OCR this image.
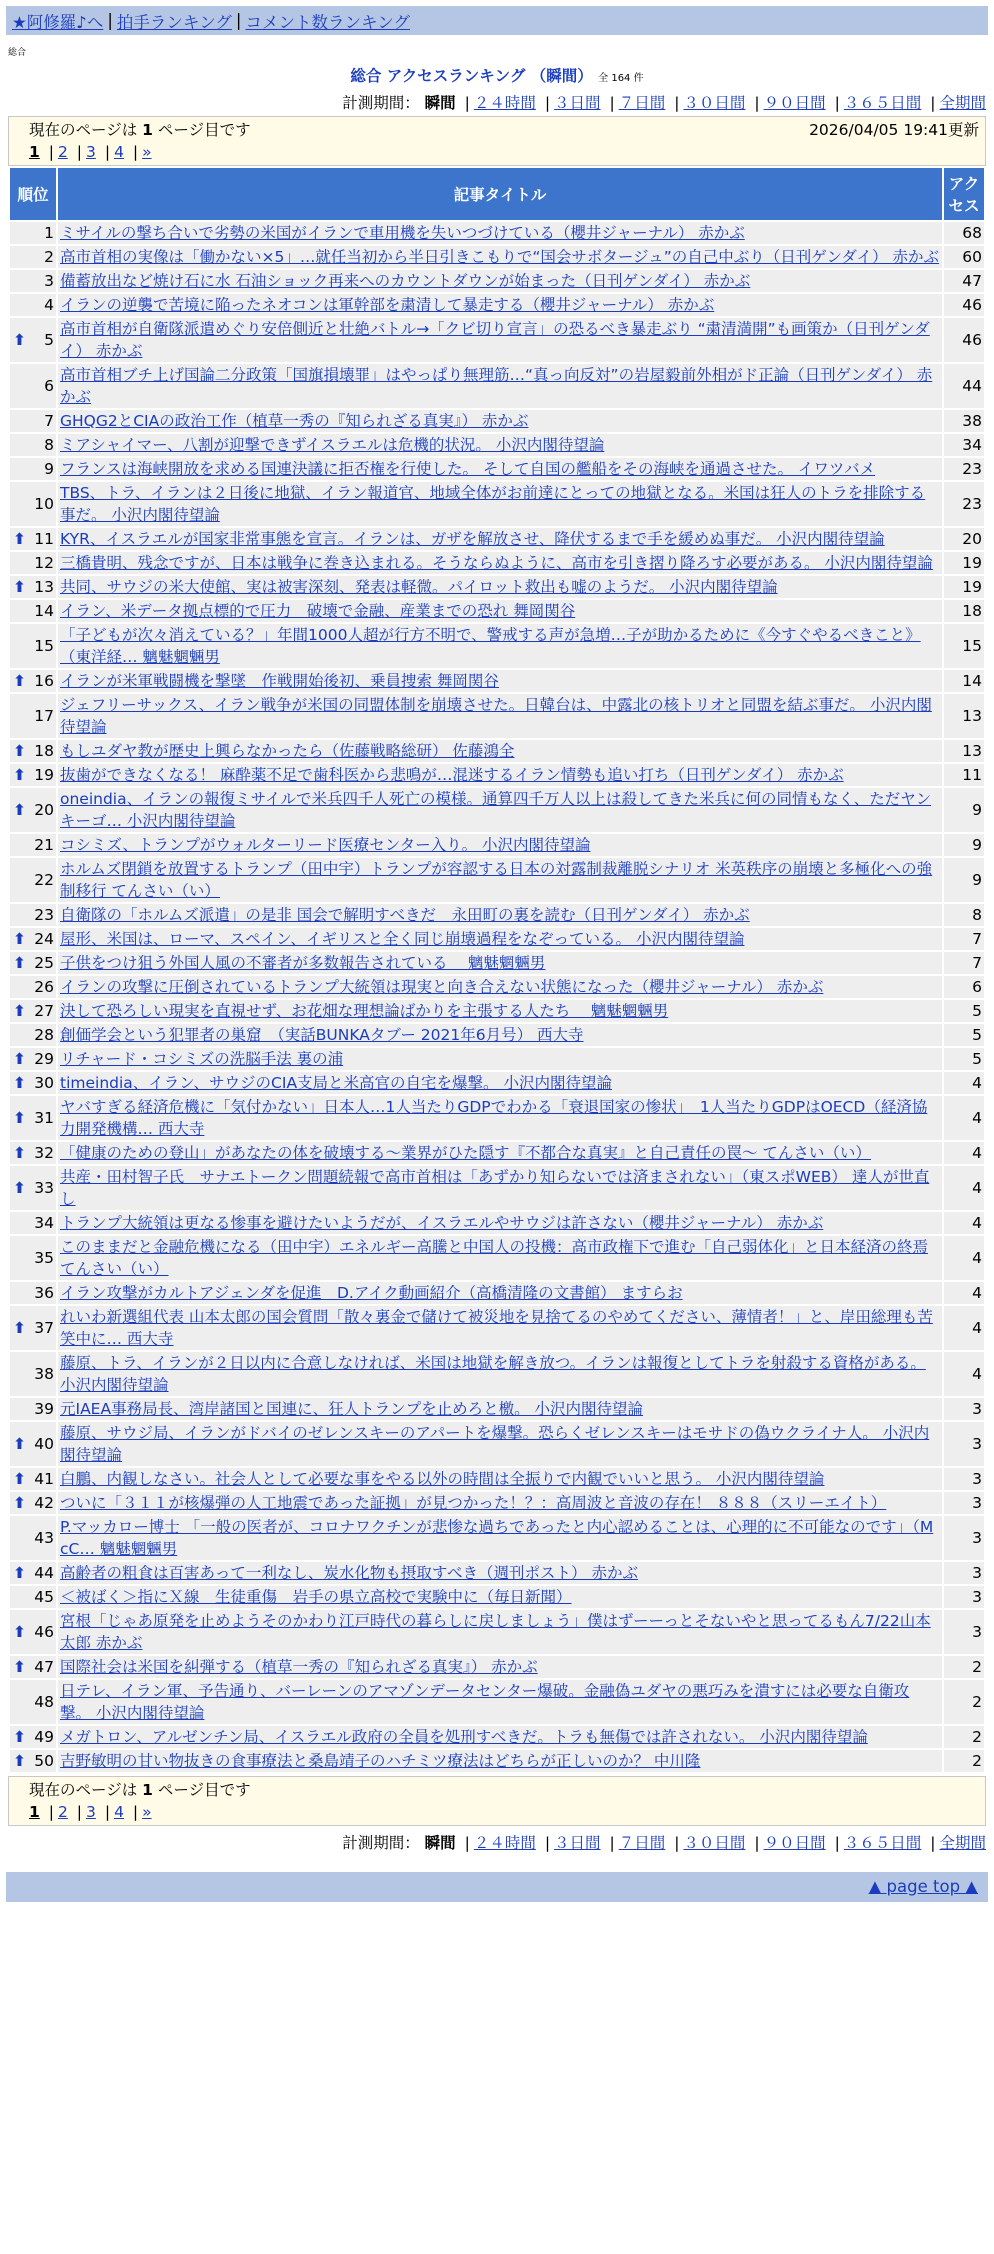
★阿修羅♪へ | 拍手ランキング | コメント数ランキング
総合
総合 アクセスランキング （瞬間） 全 164 件
計測期間： 瞬間 | ２４時間 | ３日間 | ７日間 | ３０日間 | ９０日間 | ３６５日間 | 全期間
現在のページは 1 ページ目です	2026/04/05 19:41更新
1 | 2 | 3 | 4 | »
順位	記事タイトル	アクセス

1	ミサイルの撃ち合いで劣勢の米国がイランで車用機を失いつづけている（櫻井ジャーナル） 赤かぶ	68

2	高市首相の実像は「働かない×5」…就任当初から半日引きこもりで“国会サボタージュ”の自己中ぶり（日刊ゲンダイ） 赤かぶ	60

3	備蓄放出など焼け石に水 石油ショック再来へのカウントダウンが始まった（日刊ゲンダイ） 赤かぶ	47

4	イランの逆襲で苦境に陥ったネオコンは軍幹部を粛清して暴走する（櫻井ジャーナル） 赤かぶ	46

⬆ 5	高市首相が自衛隊派遣めぐり安倍側近と壮絶バトル→「クビ切り宣言」の恐るべき暴走ぶり “粛清満開”も画策か（日刊ゲンダイ） 赤かぶ	46

6	高市首相ブチ上げ国論二分政策「国旗損壊罪」はやっぱり無理筋…“真っ向反対”の岩屋毅前外相がド正論（日刊ゲンダイ） 赤かぶ	44

7	GHQG2とCIAの政治工作（植草一秀の『知られざる真実』） 赤かぶ	38

8	ミアシャイマー、八割が迎撃できずイスラエルは危機的状況。 小沢内閣待望論	34

9	フランスは海峡開放を求める国連決議に拒否権を行使した。 そして自国の艦船をその海峡を通過させた。 イワツバメ	23

10	TBS、トラ、イランは２日後に地獄、イラン報道官、地域全体がお前達にとっての地獄となる。米国は狂人のトラを排除する事だ。 小沢内閣待望論	23

⬆ 11	KYR、イスラエルが国家非常事態を宣言。イランは、ガザを解放させ、降伏するまで手を緩めぬ事だ。 小沢内閣待望論	20

12	三橋貴明、残念ですが、日本は戦争に巻き込まれる。そうならぬように、高市を引き摺り降ろす必要がある。 小沢内閣待望論	19

⬆ 13	共同、サウジの米大使館、実は被害深刻、発表は軽微。パイロット救出も嘘のようだ。 小沢内閣待望論	19

14	イラン、米データ拠点標的で圧力　破壊で金融、産業までの恐れ 舞岡関谷	18

15	「子どもが次々消えている？」年間1000人超が行方不明で、警戒する声が急増…子が助かるために《今すぐやるべきこと》（東洋経… 魑魅魍魎男	15

⬆ 16	イランが米軍戦闘機を撃墜　作戦開始後初、乗員捜索 舞岡関谷	14

17	ジェフリーサックス、イラン戦争が米国の同盟体制を崩壊させた。日韓台は、中露北の核トリオと同盟を結ぶ事だ。 小沢内閣待望論	13

⬆ 18	もしユダヤ教が歴史上興らなかったら（佐藤戦略総研） 佐藤鴻全	13

⬆ 19	抜歯ができなくなる！ 麻酔薬不足で歯科医から悲鳴が…混迷するイラン情勢も追い打ち（日刊ゲンダイ） 赤かぶ	11

⬆ 20	oneindia、イランの報復ミサイルで米兵四千人死亡の模様。通算四千万人以上は殺してきた米兵に何の同情もなく、ただヤンキーゴ… 小沢内閣待望論	9

21	コシミズ、トランプがウォルターリード医療センター入り。 小沢内閣待望論	9

22	ホルムズ閉鎖を放置するトランプ（田中宇）トランプが容認する日本の対露制裁離脱シナリオ 米英秩序の崩壊と多極化への強制移行 てんさい（い）	9

23	自衛隊の「ホルムズ派遣」の是非 国会で解明すべきだ　永田町の裏を読む（日刊ゲンダイ） 赤かぶ	8

⬆ 24	屋形、米国は、ローマ、スペイン、イギリスと全く同じ崩壊過程をなぞっている。 小沢内閣待望論	7

⬆ 25	子供をつけ狙う外国人風の不審者が多数報告されている　 魑魅魍魎男	7

26	イランの攻撃に圧倒されているトランプ大統領は現実と向き合えない状態になった（櫻井ジャーナル） 赤かぶ	6

⬆ 27	決して恐ろしい現実を直視せず、お花畑な理想論ばかりを主張する人たち　 魑魅魍魎男	5

28	創価学会という犯罪者の巣窟　（実話BUNKAタブー 2021年6月号） 西大寺	5

⬆ 29	リチャード・コシミズの洗脳手法 裏の浦	5

⬆ 30	timeindia、イラン、サウジのCIA支局と米高官の自宅を爆撃。 小沢内閣待望論	4

⬆ 31	ヤバすぎる経済危機に「気付かない」日本人…1人当たりGDPでわかる「衰退国家の惨状」　1人当たりGDPはOECD（経済協力開発機構… 西大寺	4

⬆ 32	「健康のための登山」があなたの体を破壊する～業界がひた隠す『不都合な真実』と自己責任の罠～ てんさい（い）	4

⬆ 33	共産・田村智子氏　サナエトークン問題続報で高市首相は「あずかり知らないでは済まされない」（東スポWEB） 達人が世直し	4

34	トランプ大統領は更なる惨事を避けたいようだが、イスラエルやサウジは許さない（櫻井ジャーナル） 赤かぶ	4

35	このままだと金融危機になる（田中宇）エネルギー高騰と中国人の投機：高市政権下で進む「自己弱体化」と日本経済の終焉 てんさい（い）	4

36	イラン攻撃がカルトアジェンダを促進　D.アイク動画紹介（高橋清隆の文書館） ますらお	4

⬆ 37	れいわ新選組代表 山本太郎の国会質問「散々裏金で儲けて被災地を見捨てるのやめてください、薄情者！」と、岸田総理も苦笑中に… 西大寺	4

38	藤原、トラ、イランが２日以内に合意しなければ、米国は地獄を解き放つ。イランは報復としてトラを射殺する資格がある。 小沢内閣待望論	4

39	元IAEA事務局長、湾岸諸国と国連に、狂人トランプを止めろと檄。 小沢内閣待望論	3

⬆ 40	藤原、サウジ局、イランがドバイのゼレンスキーのアパートを爆撃。恐らくゼレンスキーはモサドの偽ウクライナ人。 小沢内閣待望論	3

⬆ 41	白鵬、内観しなさい。社会人として必要な事をやる以外の時間は全振りで内観でいいと思う。 小沢内閣待望論	3

⬆ 42	ついに「３１１が核爆弾の人工地震であった証拠」が見つかった！？：高周波と音波の存在！ ８８８（スリーエイト）	3

43	P.マッカロー博士 「一般の医者が、コロナワクチンが悲惨な過ちであったと内心認めることは、心理的に不可能なのです」（McC… 魑魅魍魎男	3

⬆ 44	高齢者の粗食は百害あって一利なし、炭水化物も摂取すべき（週刊ポスト） 赤かぶ	3

45	＜被ばく＞指にＸ線　生徒重傷　岩手の県立高校で実験中に（毎日新聞）	3

⬆ 46	宮根「じゃあ原発を止めようそのかわり江戸時代の暮らしに戻しましょう」僕はずーーっとそないやと思ってるもん7/22山本太郎 赤かぶ	3

⬆ 47	国際社会は米国を糾弾する（植草一秀の『知られざる真実』） 赤かぶ	2

48	日テレ、イラン軍、予告通り、バーレーンのアマゾンデータセンター爆破。金融偽ユダヤの悪巧みを潰すには必要な自衛攻撃。 小沢内閣待望論	2

⬆ 49	メガトロン、アルゼンチン局、イスラエル政府の全員を処刑すべきだ。トラも無傷では許されない。 小沢内閣待望論	2

⬆ 50	吉野敏明の甘い物抜きの食事療法と桑島靖子のハチミツ療法はどちらが正しいのか？ 中川隆	2
現在のページは 1 ページ目です
1 | 2 | 3 | 4 | »
計測期間： 瞬間 | ２４時間 | ３日間 | ７日間 | ３０日間 | ９０日間 | ３６５日間 | 全期間
▲ page top ▲
